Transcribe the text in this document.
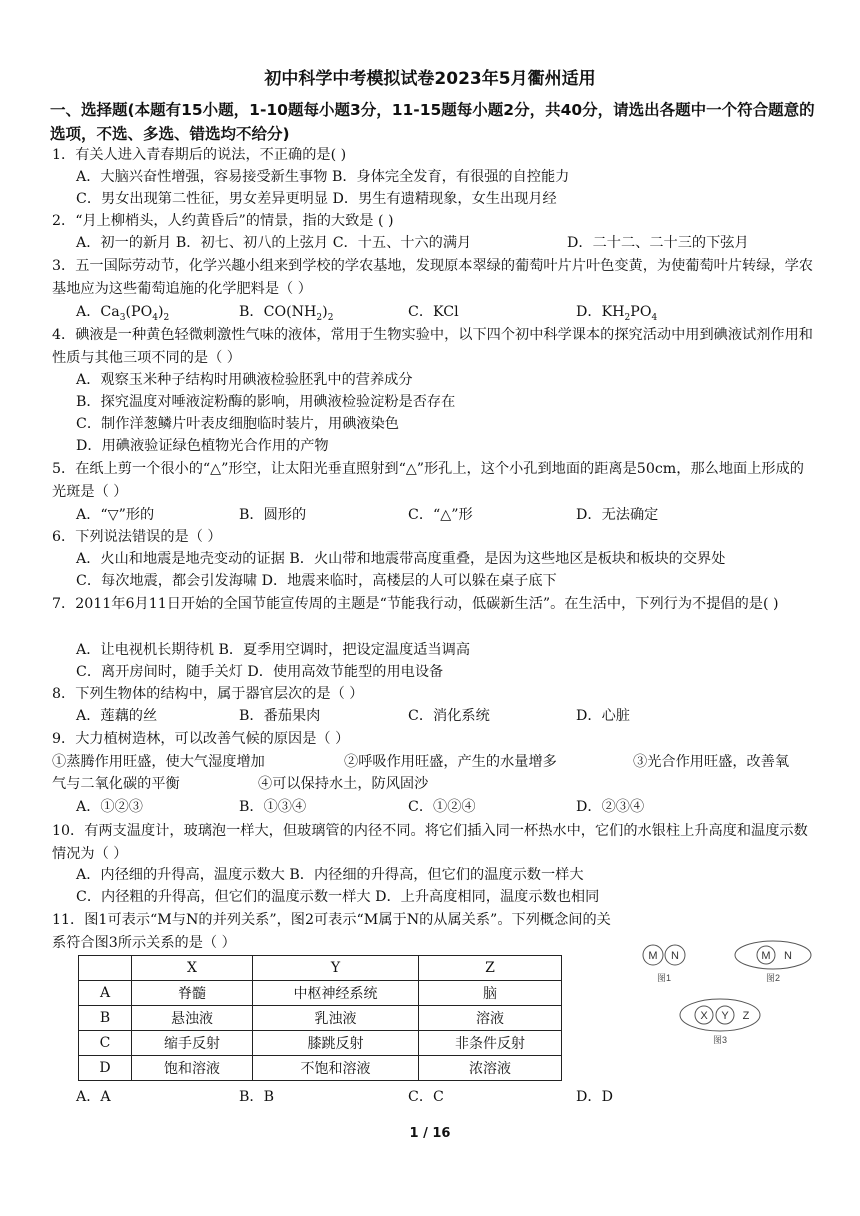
初中科学中考模拟试卷2023年5月衢州适用
一、选择题(本题有15小题，1-10题每小题3分，11-15题每小题2分，共40分，请选出各题中一个符合题意的选项，不选、多选、错选均不给分)
1．有关人进入青春期后的说法，不正确的是( )
A．大脑兴奋性增强，容易接受新生事物 B．身体完全发育，有很强的自控能力
C．男女出现第二性征，男女差异更明显 D．男生有遗精现象，女生出现月经
2．“月上柳梢头，人约黄昏后”的情景，指的大致是 ( )
A．初一的新月 B．初七、初八的上弦月 C．十五、十六的满月	D．二十二、二十三的下弦月
3．五一国际劳动节，化学兴趣小组来到学校的学农基地，发现原本翠绿的葡萄叶片片叶色变黄，为使葡萄叶片转绿，学农基地应为这些葡萄追施的化学肥料是（ ）
A．$Ca_3(PO_4)_2$	B．$CO(NH_2)_2$	C．KCl	D．$KH_2PO_4$
4．碘液是一种黄色轻微刺激性气味的液体，常用于生物实验中，以下四个初中科学课本的探究活动中用到碘液试剂作用和性质与其他三项不同的是（ ）
A．观察玉米种子结构时用碘液检验胚乳中的营养成分
B．探究温度对唾液淀粉酶的影响，用碘液检验淀粉是否存在
C．制作洋葱鳞片叶表皮细胞临时装片，用碘液染色
D．用碘液验证绿色植物光合作用的产物
5．在纸上剪一个很小的“△”形空，让太阳光垂直照射到“△”形孔上，这个小孔到地面的距离是50cm，那么地面上形成的光斑是（ ）
A．“▽”形的	B．圆形的	C．“△”形	D．无法确定
6．下列说法错误的是（ ）
A．火山和地震是地壳变动的证据 B．火山带和地震带高度重叠，是因为这些地区是板块和板块的交界处
C．每次地震，都会引发海啸 D．地震来临时，高楼层的人可以躲在桌子底下
7．2011年6月11日开始的全国节能宣传周的主题是“节能我行动，低碳新生活”。在生活中，下列行为不提倡的是( )
A．让电视机长期待机 B．夏季用空调时，把设定温度适当调高
C．离开房间时，随手关灯 D．使用高效节能型的用电设备
8．下列生物体的结构中，属于器官层次的是（ ）
A．莲藕的丝	B．番茄果肉	C．消化系统	D．心脏
9．大力植树造林，可以改善气候的原因是（ ）
①蒸腾作用旺盛，使大气湿度增加	②呼吸作用旺盛，产生的水量增多	③光合作用旺盛，改善氧
气与二氧化碳的平衡	④可以保持水土，防风固沙
A．①②③	B．①③④	C．①②④	D．②③④
10．有两支温度计，玻璃泡一样大，但玻璃管的内径不同。将它们插入同一杯热水中，它们的水银柱上升高度和温度示数情况为（ ）
A．内径细的升得高，温度示数大 B．内径细的升得高，但它们的温度示数一样大
C．内径粗的升得高，但它们的温度示数一样大 D．上升高度相同，温度示数也相同
11．图1可表示“M与N的并列关系”，图2可表示“M属于N的从属关系”。下列概念间的关系符合图3所示关系的是（ ）
	X	Y	Z
A	脊髓	中枢神经系统	脑
B	悬浊液	乳浊液	溶液
C	缩手反射	膝跳反射	非条件反射
D	饱和溶液	不饱和溶液	浓溶液
A．A	B．B	C．C	D．D
M N
图1
M N
图2
X Y Z
图3
1 / 16
